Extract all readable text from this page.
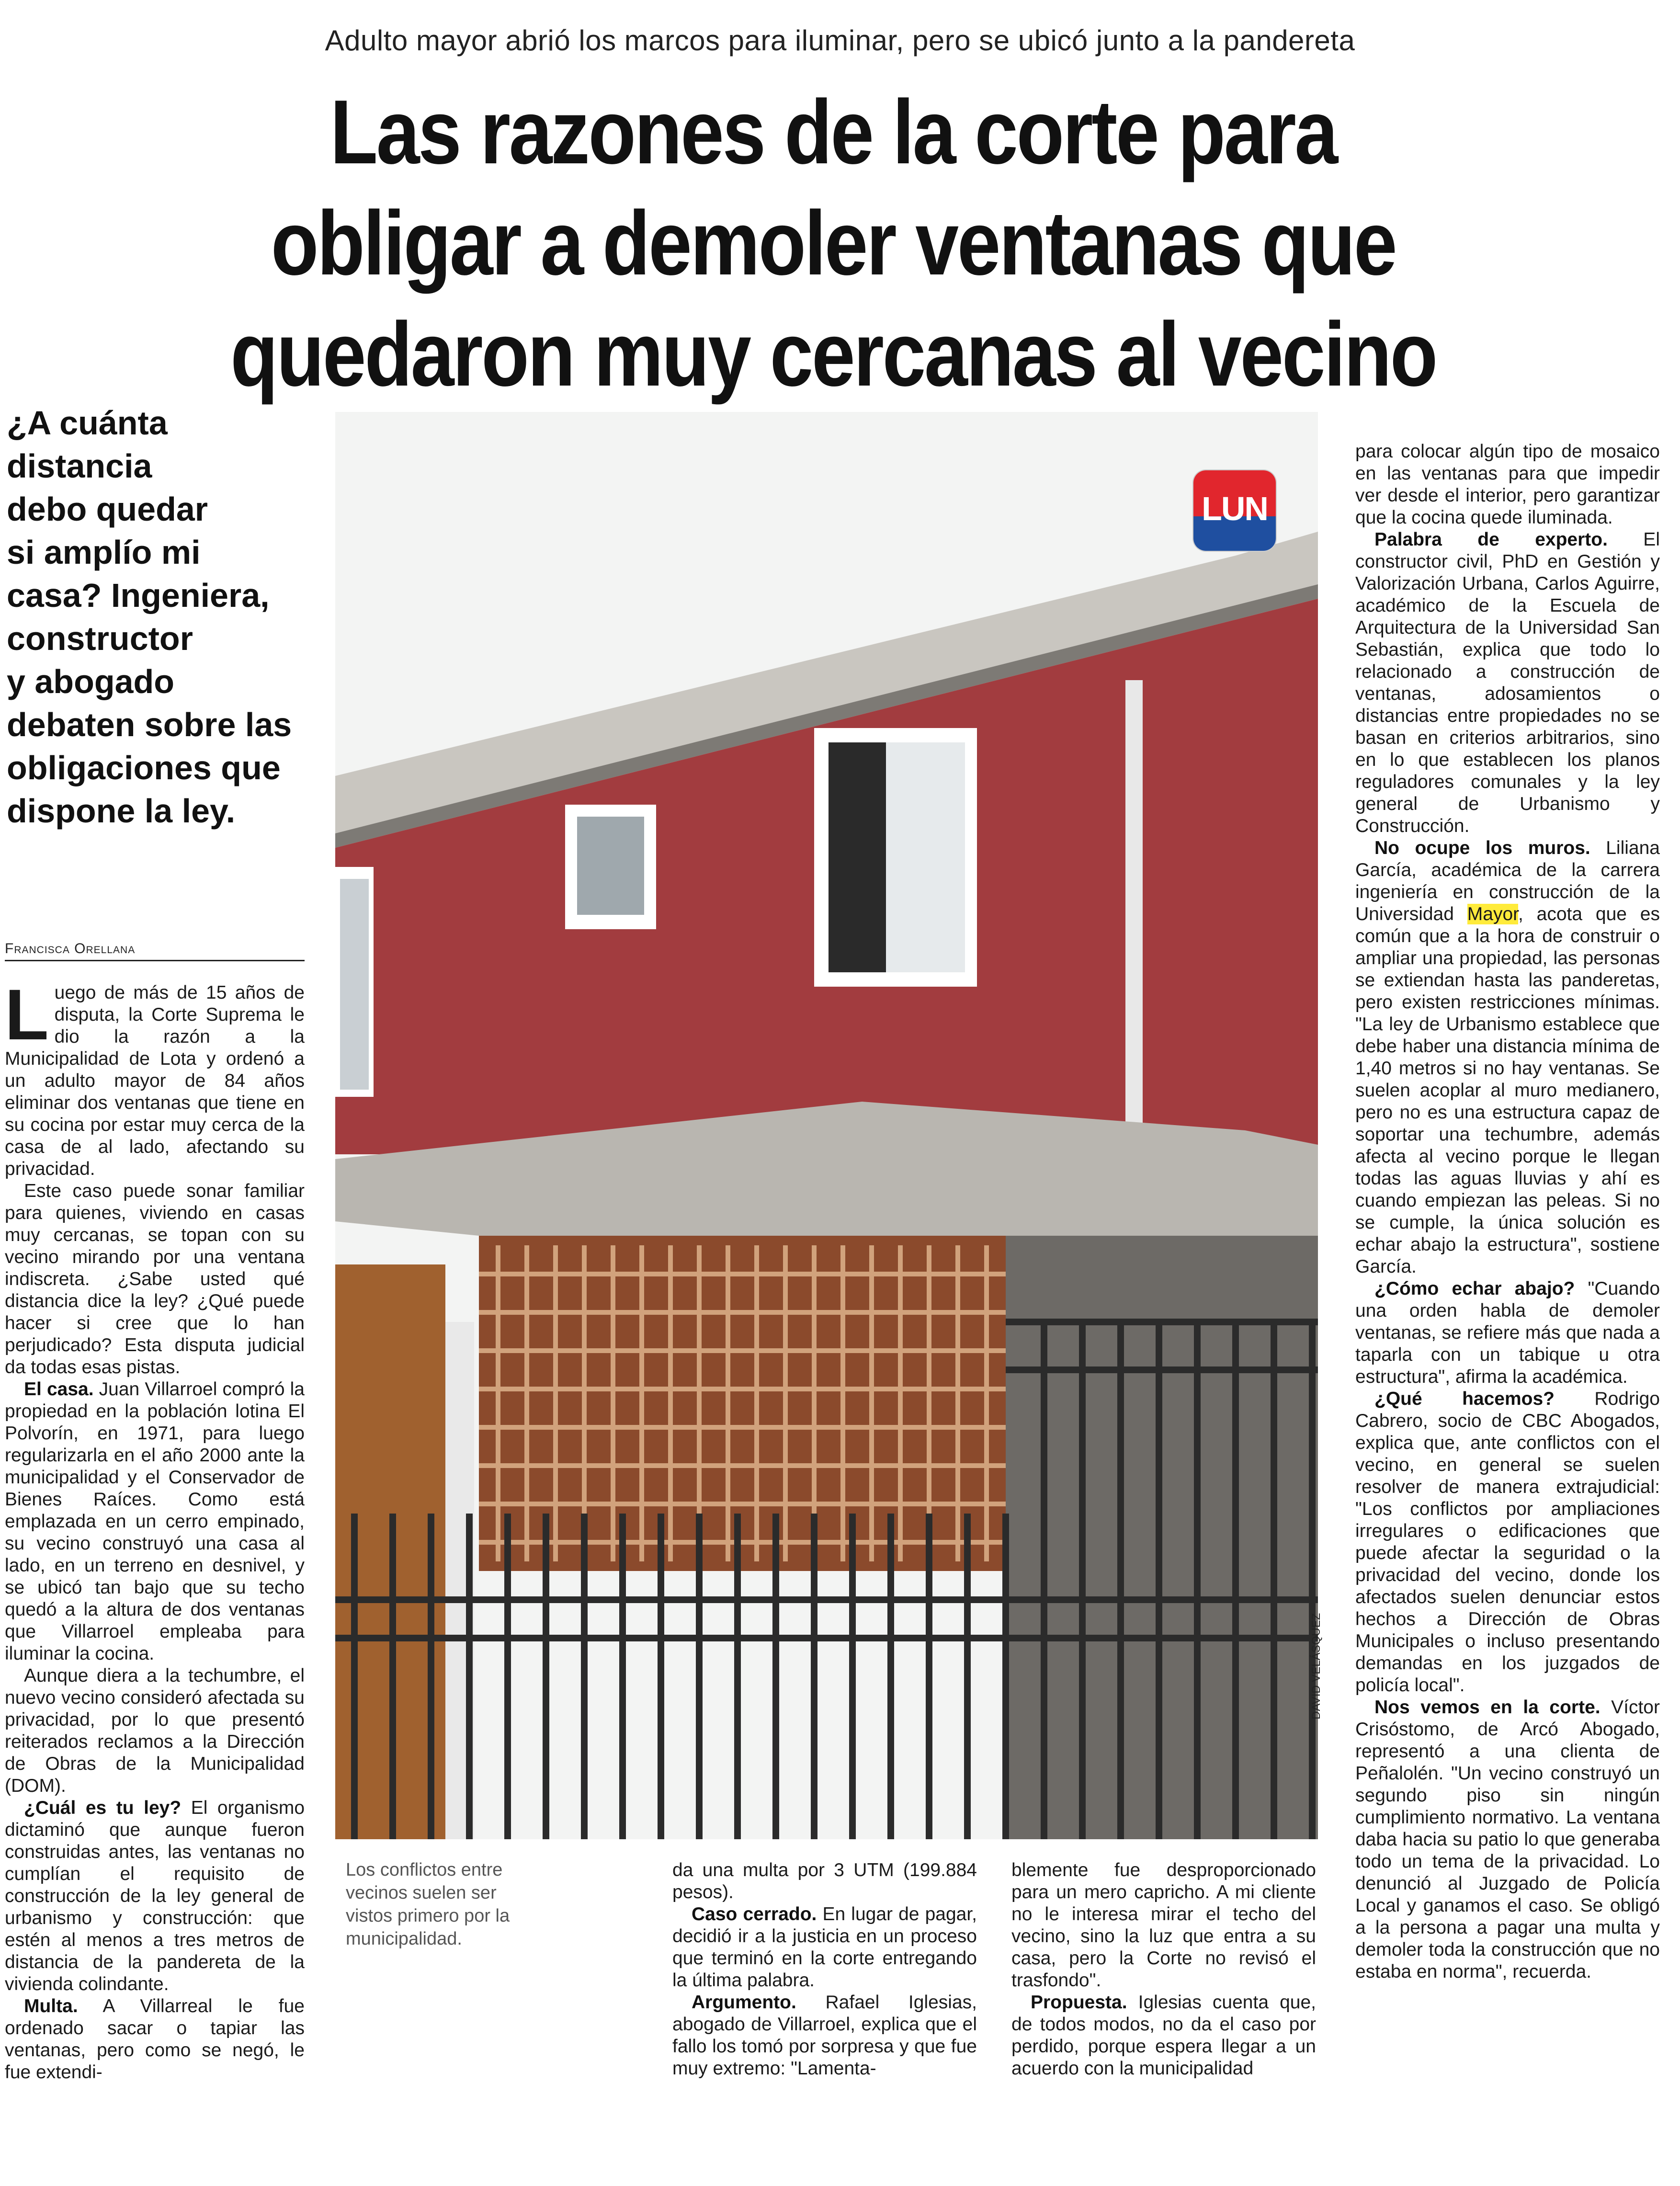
Adulto mayor abrió los marcos para iluminar, pero se ubicó junto a la pandereta
Las razones de la corte para
obligar a demoler ventanas que
quedaron muy cercanas al vecino
¿A cuánta distancia
debo quedar
si amplío mi
casa? Ingeniera,
constructor
y abogado
debaten sobre las
obligaciones que
dispone la ley.
Francisca Orellana

Luego de más de 15 años de disputa, la Corte Suprema le dio la razón a la Municipalidad de Lota y ordenó a un adulto mayor de 84 años eliminar dos ventanas que tiene en su cocina por estar muy cerca de la casa de al lado, afectando su privacidad.

Este caso puede sonar familiar para quienes, viviendo en casas muy cercanas, se topan con su vecino mirando por una ventana indiscreta. ¿Sabe usted qué distancia dice la ley? ¿Qué puede hacer si cree que lo han perjudicado? Esta disputa judicial da todas esas pistas.

El casa. Juan Villarroel compró la propiedad en la población lotina El Polvorín, en 1971, para luego regularizarla en el año 2000 ante la municipalidad y el Conservador de Bienes Raíces. Como está emplazada en un cerro empinado, su vecino construyó una casa al lado, en un terreno en desnivel, y se ubicó tan bajo que su techo quedó a la altura de dos ventanas que Villarroel empleaba para iluminar la cocina.

Aunque diera a la techumbre, el nuevo vecino consideró afectada su privacidad, por lo que presentó reiterados reclamos a la Dirección de Obras de la Municipalidad (DOM).

¿Cuál es tu ley? El organismo dictaminó que aunque fueron construidas antes, las ventanas no cumplían el requisito de construcción de la ley general de urbanismo y construcción: que estén al menos a tres metros de distancia de la pandereta de la vivienda colindante.

Multa. A Villarreal le fue ordenado sacar o tapiar las ventanas, pero como se negó, le fue extendi-

LUN
DAVID VELÁSQUEZ
Los conflictos entre vecinos suelen ser vistos primero por la municipalidad.

da una multa por 3 UTM (199.884 pesos).

Caso cerrado. En lugar de pagar, decidió ir a la justicia en un proceso que terminó en la corte entregando la última palabra.

Argumento. Rafael Iglesias, abogado de Villarroel, explica que el fallo los tomó por sorpresa y que fue muy extremo: "Lamenta-

blemente fue desproporcionado para un mero capricho. A mi cliente no le interesa mirar el techo del vecino, sino la luz que entra a su casa, pero la Corte no revisó el trasfondo".

Propuesta. Iglesias cuenta que, de todos modos, no da el caso por perdido, porque espera llegar a un acuerdo con la municipalidad

para colocar algún tipo de mosaico en las ventanas para que impedir ver desde el interior, pero garantizar que la cocina quede iluminada.

Palabra de experto. El constructor civil, PhD en Gestión y Valorización Urbana, Carlos Aguirre, académico de la Escuela de Arquitectura de la Universidad San Sebastián, explica que todo lo relacionado a construcción de ventanas, adosamientos o distancias entre propiedades no se basan en criterios arbitrarios, sino en lo que establecen los planos reguladores comunales y la ley general de Urbanismo y Construcción.

No ocupe los muros. Liliana García, académica de la carrera ingeniería en construcción de la Universidad Mayor, acota que es común que a la hora de construir o ampliar una propiedad, las personas se extiendan hasta las panderetas, pero existen restricciones mínimas. "La ley de Urbanismo establece que debe haber una distancia mínima de 1,40 metros si no hay ventanas. Se suelen acoplar al muro medianero, pero no es una estructura capaz de soportar una techumbre, además afecta al vecino porque le llegan todas las aguas lluvias y ahí es cuando empiezan las peleas. Si no se cumple, la única solución es echar abajo la estructura", sostiene García.

¿Cómo echar abajo? "Cuando una orden habla de demoler ventanas, se refiere más que nada a taparla con un tabique u otra estructura", afirma la académica.

¿Qué hacemos? Rodrigo Cabrero, socio de CBC Abogados, explica que, ante conflictos con el vecino, en general se suelen resolver de manera extrajudicial: "Los conflictos por ampliaciones irregulares o edificaciones que puede afectar la seguridad o la privacidad del vecino, donde los afectados suelen denunciar estos hechos a Dirección de Obras Municipales o incluso presentando demandas en los juzgados de policía local".

Nos vemos en la corte. Víctor Crisóstomo, de Arcó Abogado, representó a una clienta de Peñalolén. "Un vecino construyó un segundo piso sin ningún cumplimiento normativo. La ventana daba hacia su patio lo que generaba todo un tema de la privacidad. Lo denunció al Juzgado de Policía Local y ganamos el caso. Se obligó a la persona a pagar una multa y demoler toda la construcción que no estaba en norma", recuerda.
